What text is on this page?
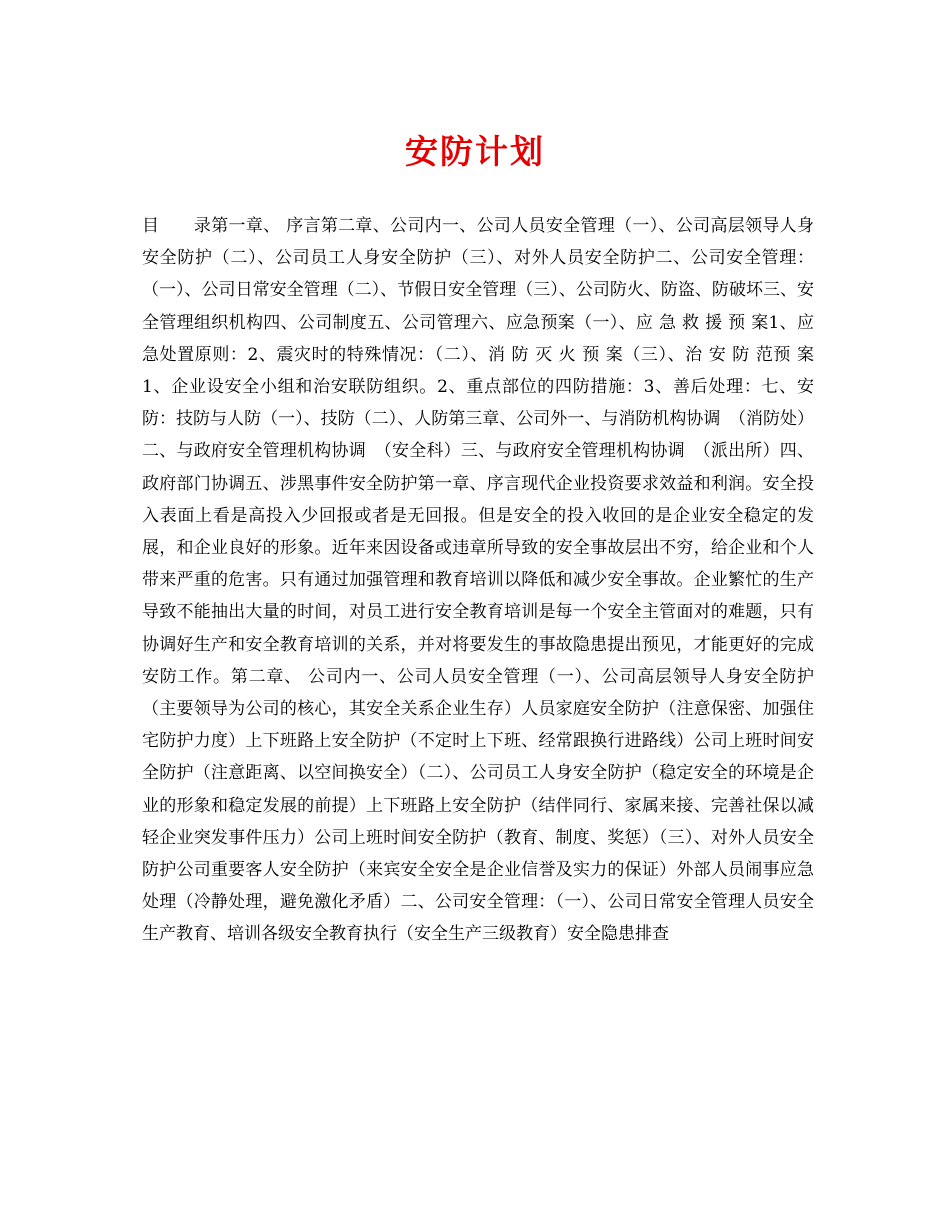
安防计划

目　　录第一章、 序言第二章、公司内一、公司人员安全管理（一）、公司高层领导人身安全防护（二）、公司员工人身安全防护（三）、对外人员安全防护二、公司安全管理：（一）、公司日常安全管理（二）、节假日安全管理（三）、公司防火、防盗、防破坏三、安全管理组织机构四、公司制度五、公司管理六、应急预案（一）、应 急 救 援 预 案1、应急处置原则：2、震灾时的特殊情况：（二）、消 防 灭 火 预 案（三）、治 安 防 范预 案1、企业设安全小组和治安联防组织。2、重点部位的四防措施：3、善后处理：七、安防：技防与人防（一）、技防（二）、人防第三章、公司外一、与消防机构协调　（消防处）二、与政府安全管理机构协调　（安全科）三、与政府安全管理机构协调　（派出所）四、政府部门协调五、涉黑事件安全防护第一章、序言现代企业投资要求效益和利润。安全投入表面上看是高投入少回报或者是无回报。但是安全的投入收回的是企业安全稳定的发展，和企业良好的形象。近年来因设备或违章所导致的安全事故层出不穷，给企业和个人带来严重的危害。只有通过加强管理和教育培训以降低和减少安全事故。企业繁忙的生产导致不能抽出大量的时间，对员工进行安全教育培训是每一个安全主管面对的难题，只有协调好生产和安全教育培训的关系，并对将要发生的事故隐患提出预见，才能更好的完成安防工作。第二章、 公司内一、公司人员安全管理（一）、公司高层领导人身安全防护（主要领导为公司的核心，其安全关系企业生存）人员家庭安全防护（注意保密、加强住宅防护力度）上下班路上安全防护（不定时上下班、经常跟换行进路线）公司上班时间安全防护（注意距离、以空间换安全）（二）、公司员工人身安全防护（稳定安全的环境是企业的形象和稳定发展的前提）上下班路上安全防护（结伴同行、家属来接、完善社保以减轻企业突发事件压力）公司上班时间安全防护（教育、制度、奖惩）（三）、对外人员安全防护公司重要客人安全防护（来宾安全安全是企业信誉及实力的保证）外部人员闹事应急处理（冷静处理，避免激化矛盾）二、公司安全管理：（一）、公司日常安全管理人员安全生产教育、培训各级安全教育执行（安全生产三级教育）安全隐患排查
